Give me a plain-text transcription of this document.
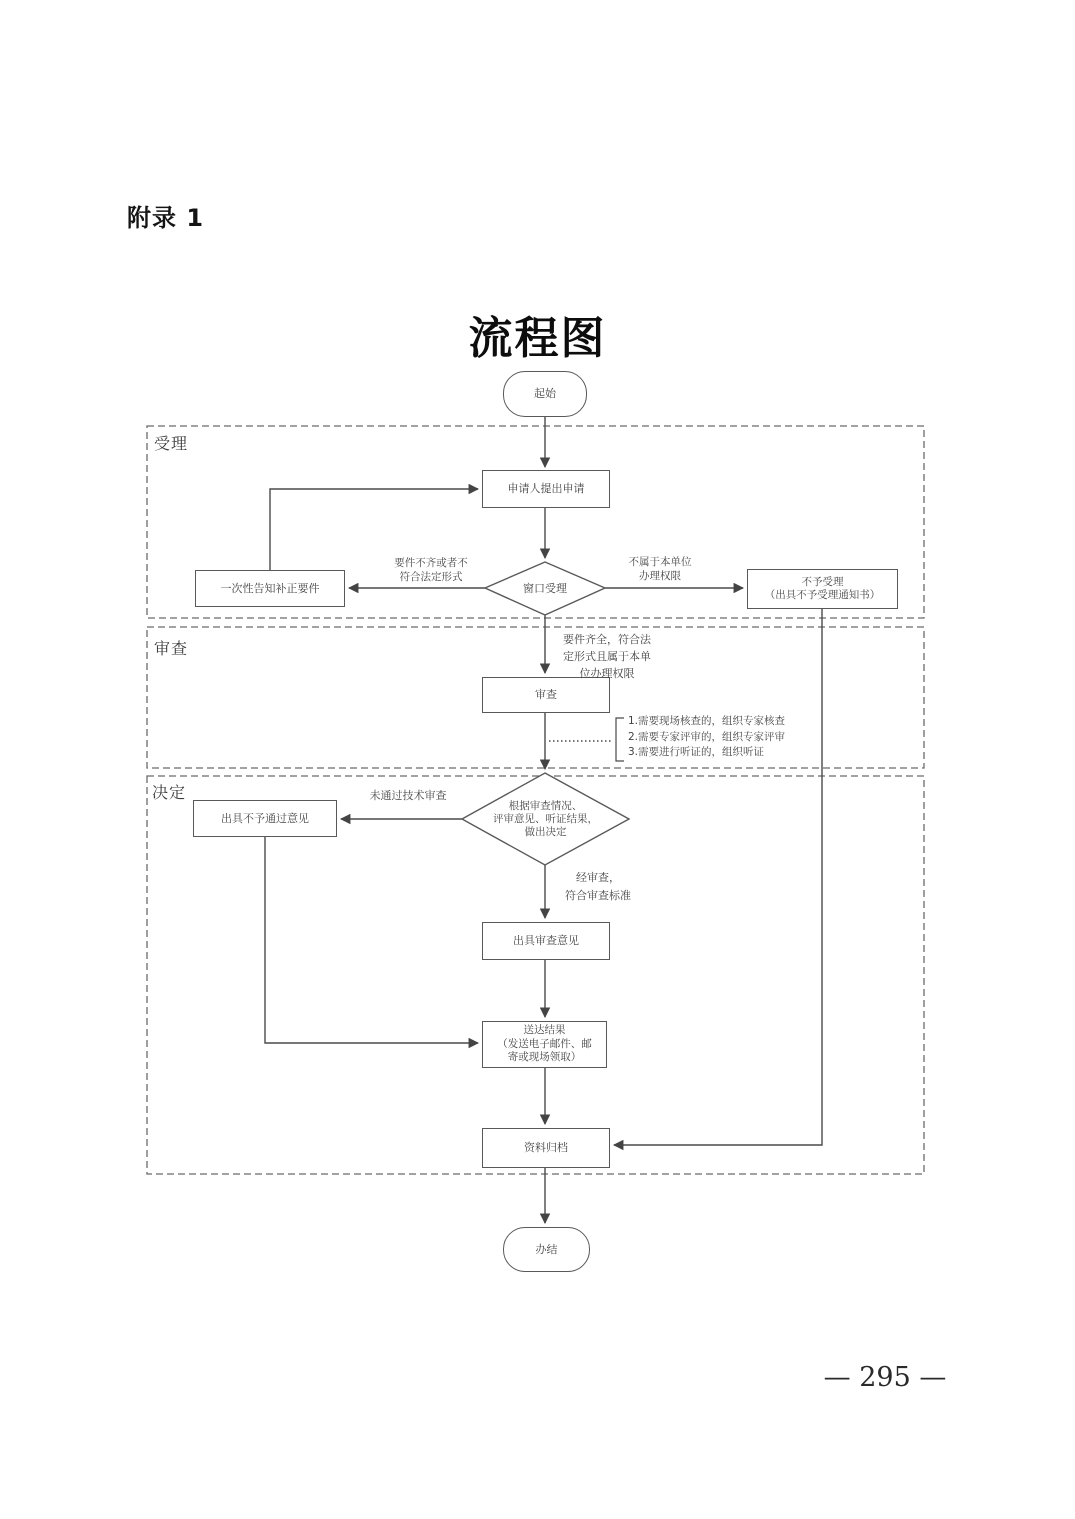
附录 1
流程图
受理
审查
决定
起始
申请人提出申请
一次性告知补正要件	不予受理
（出具不予受理通知书）
审查
出具不予通过意见
出具审查意见
送达结果
（发送电子邮件、邮
寄或现场领取）
资料归档
办结
窗口受理
根据审查情况、
评审意见、听证结果，
做出决定
要件不齐或者不
符合法定形式
不属于本单位
办理权限
要件齐全，符合法
定形式且属于本单
位办理权限
未通过技术审查
经审查，
符合审查标准
1.需要现场核查的，组织专家核查
2.需要专家评审的，组织专家评审
3.需要进行听证的，组织听证
— 295 —
